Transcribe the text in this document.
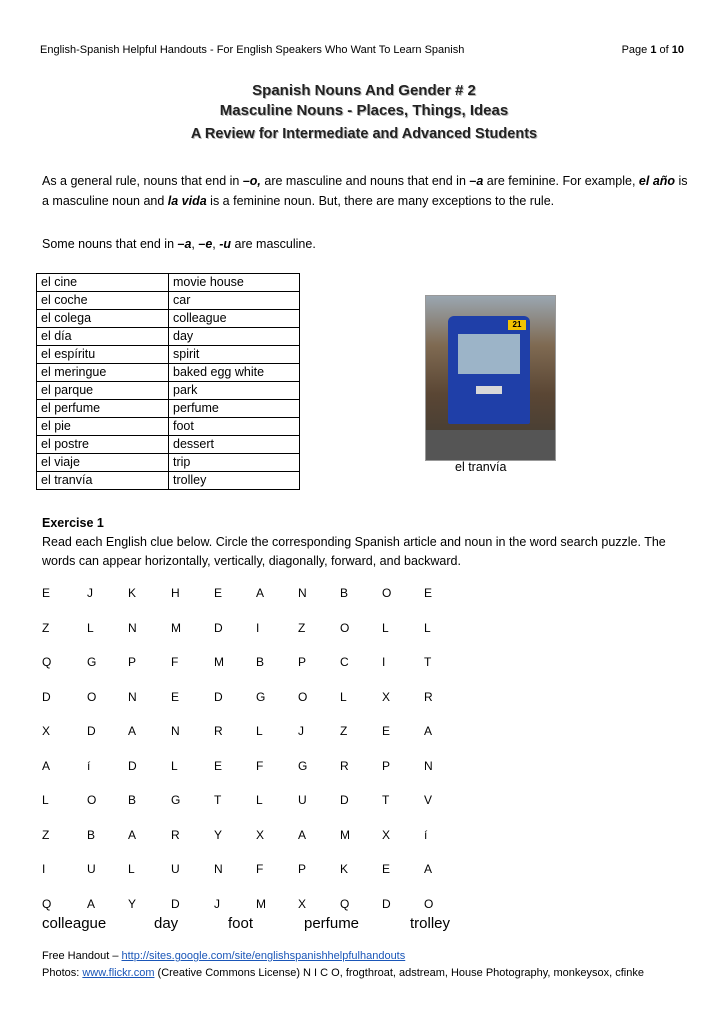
English-Spanish Helpful Handouts - For English Speakers Who Want To Learn Spanish	Page 1 of 10
Spanish Nouns And Gender # 2
Masculine Nouns - Places, Things, Ideas
A Review for Intermediate and Advanced Students
As a general rule, nouns that end in –o, are masculine and nouns that end in –a are feminine. For example, el año is a masculine noun and la vida is a feminine noun. But, there are many exceptions to the rule.
Some nouns that end in –a, –e, -u are masculine.
el cine	movie house
el coche	car
el colega	colleague
el día	day
el espíritu	spirit
el meringue	baked egg white
el parque	park
el perfume	perfume
el pie	foot
el postre	dessert
el viaje	trip
el tranvía	trolley
21
el tranvía
Exercise 1
Read each English clue below. Circle the corresponding Spanish article and noun in the word search puzzle. The words can appear horizontally, vertically, diagonally, forward, and backward.
E	J	K	H	E	A	N	B	O	E
Z	L	N	M	D	I	Z	O	L	L
Q	G	P	F	M	B	P	C	I	T
D	O	N	E	D	G	O	L	X	R
X	D	A	N	R	L	J	Z	E	A
A	í	D	L	E	F	G	R	P	N
L	O	B	G	T	L	U	D	T	V
Z	B	A	R	Y	X	A	M	X	í
I	U	L	U	N	F	P	K	E	A
Q	A	Y	D	J	M	X	Q	D	O
colleague	day	foot	perfume	trolley
Free Handout – http://sites.google.com/site/englishspanishhelpfulhandouts
Photos: www.flickr.com (Creative Commons License) N I C O, frogthroat, adstream, House Photography, monkeysox, cfinke
